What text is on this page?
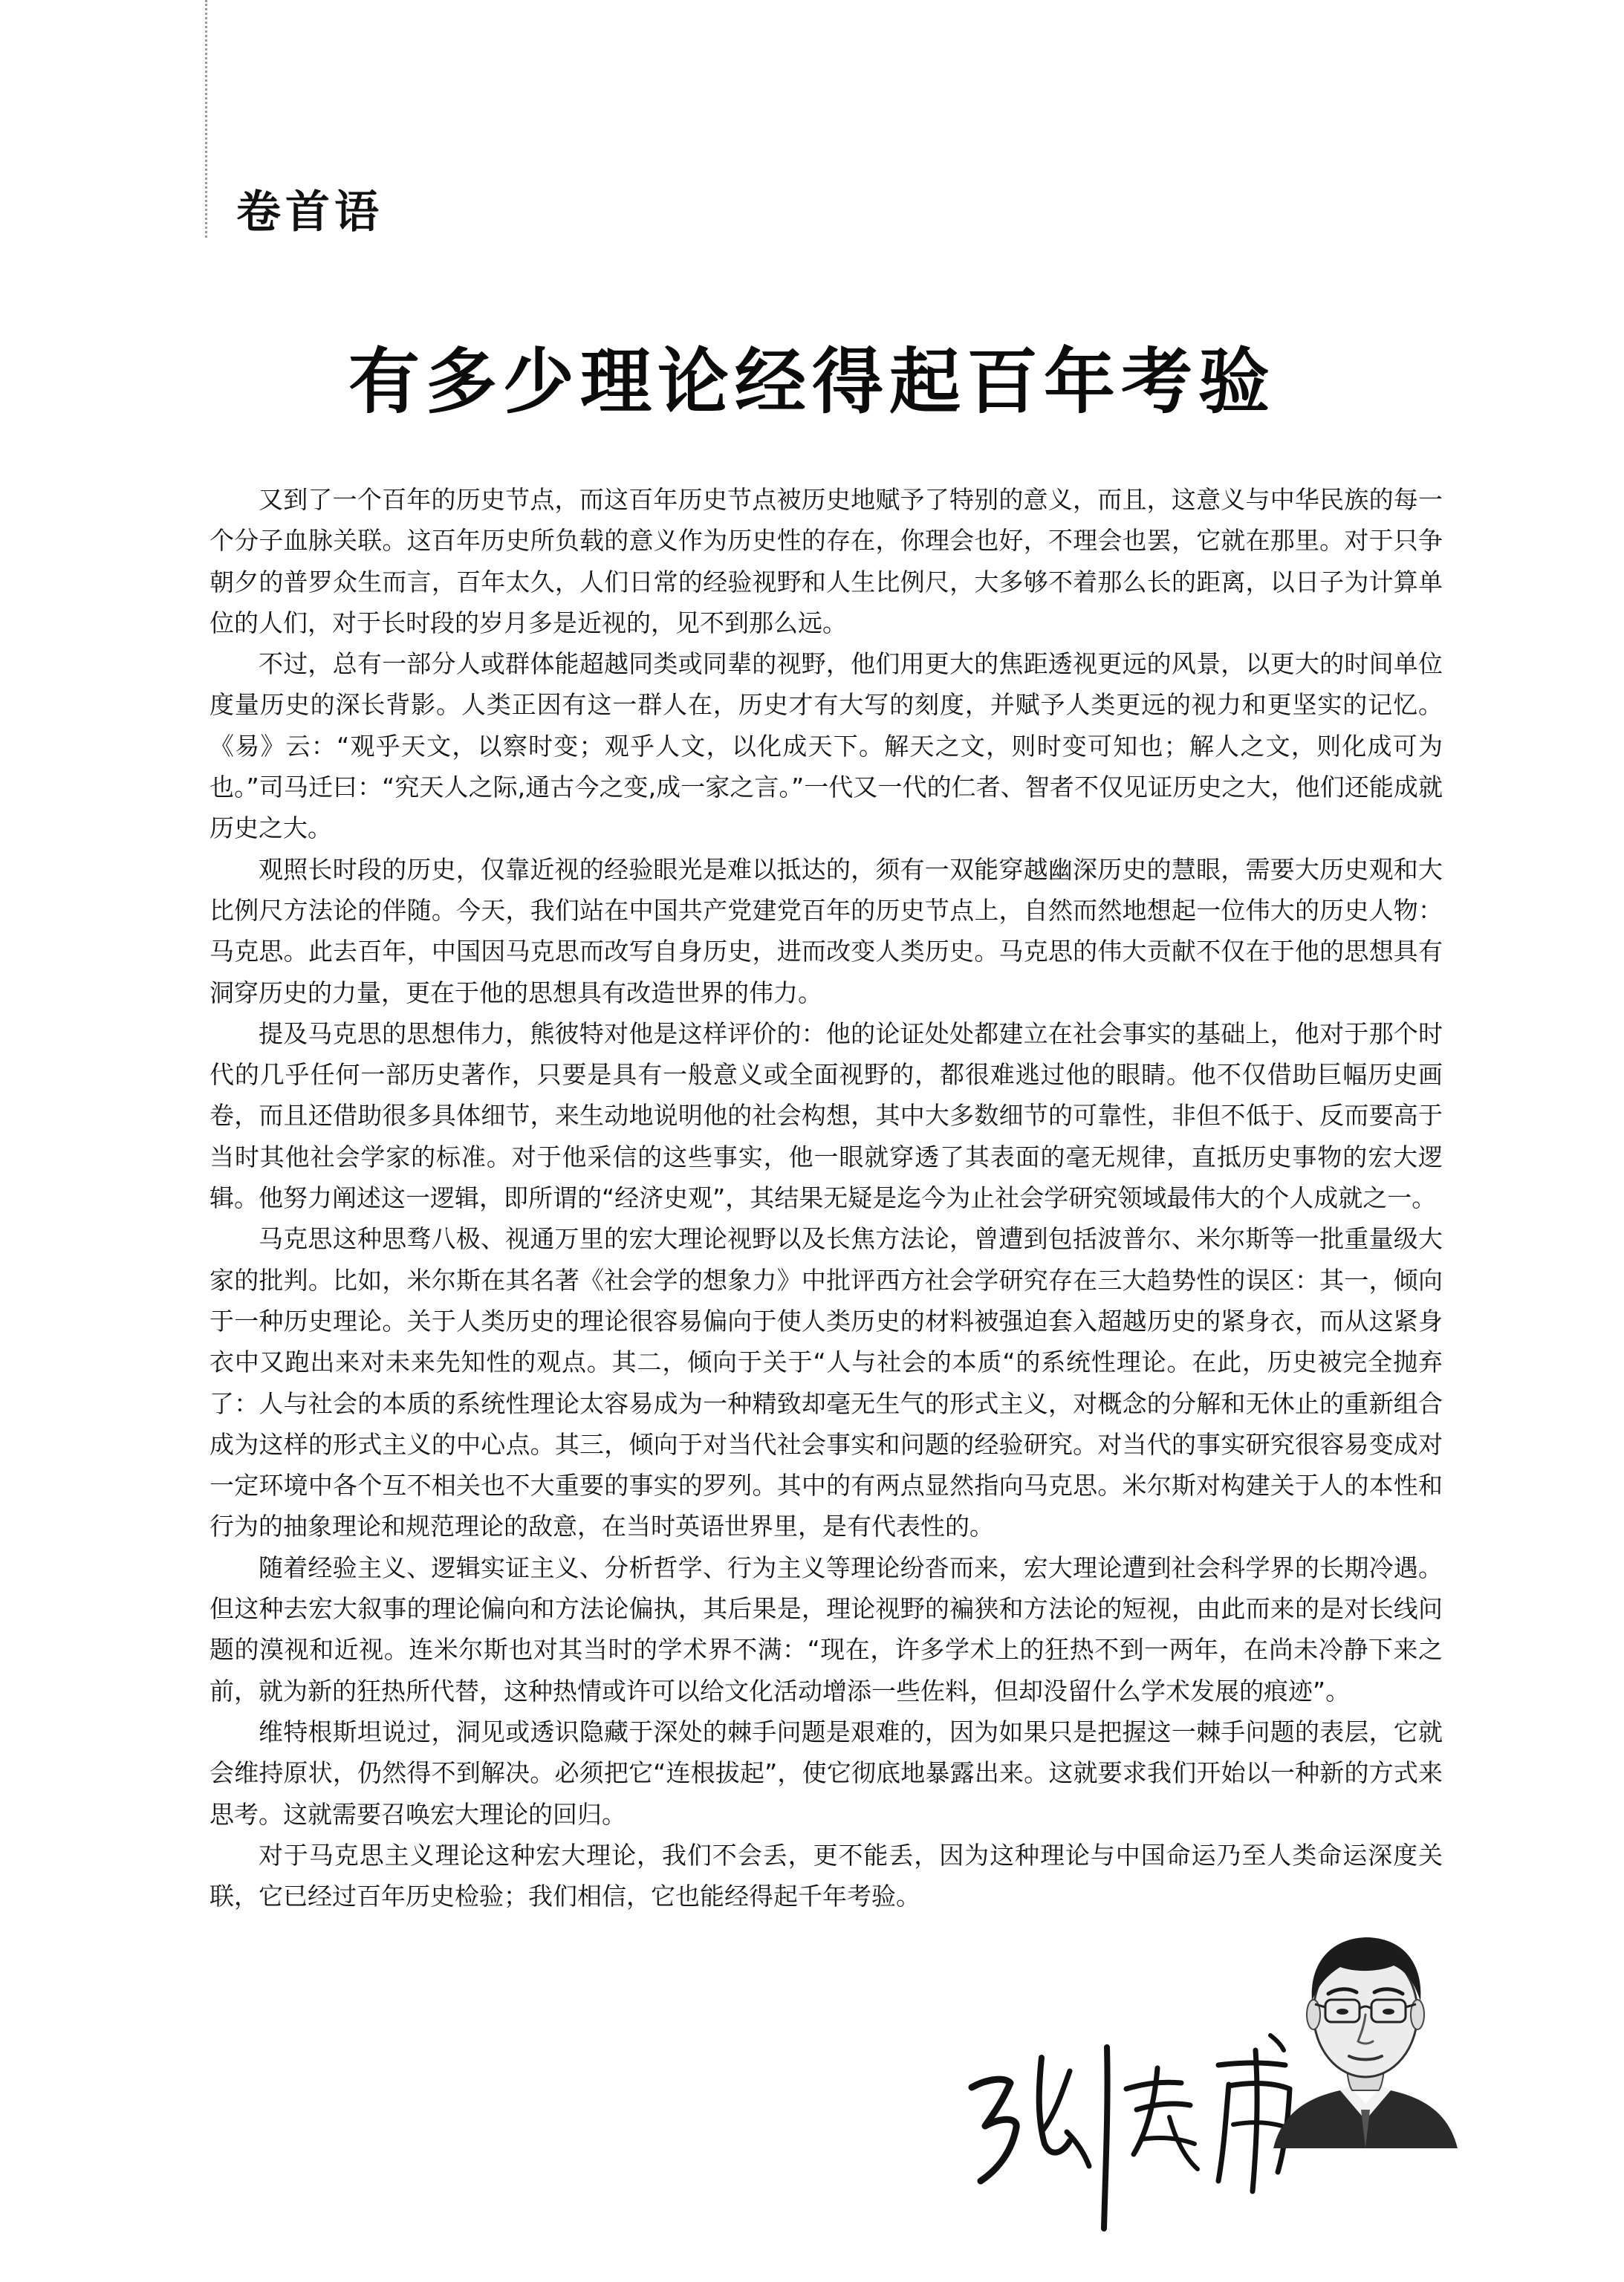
卷首语
有多少理论经得起百年考验

又到了一个百年的历史节点，而这百年历史节点被历史地赋予了特别的意义，而且，这意义与中华民族的每一个分子血脉关联。这百年历史所负载的意义作为历史性的存在，你理会也好，不理会也罢，它就在那里。对于只争朝夕的普罗众生而言，百年太久，人们日常的经验视野和人生比例尺，大多够不着那么长的距离，以日子为计算单位的人们，对于长时段的岁月多是近视的，见不到那么远。

不过，总有一部分人或群体能超越同类或同辈的视野，他们用更大的焦距透视更远的风景，以更大的时间单位度量历史的深长背影。人类正因有这一群人在，历史才有大写的刻度，并赋予人类更远的视力和更坚实的记忆。《易》云：“观乎天文，以察时变；观乎人文，以化成天下。解天之文，则时变可知也；解人之文，则化成可为也。”司马迁曰：“究天人之际,通古今之变,成一家之言。”一代又一代的仁者、智者不仅见证历史之大，他们还能成就历史之大。

观照长时段的历史，仅靠近视的经验眼光是难以抵达的，须有一双能穿越幽深历史的慧眼，需要大历史观和大比例尺方法论的伴随。今天，我们站在中国共产党建党百年的历史节点上，自然而然地想起一位伟大的历史人物：马克思。此去百年，中国因马克思而改写自身历史，进而改变人类历史。马克思的伟大贡献不仅在于他的思想具有洞穿历史的力量，更在于他的思想具有改造世界的伟力。

提及马克思的思想伟力，熊彼特对他是这样评价的：他的论证处处都建立在社会事实的基础上，他对于那个时代的几乎任何一部历史著作，只要是具有一般意义或全面视野的，都很难逃过他的眼睛。他不仅借助巨幅历史画卷，而且还借助很多具体细节，来生动地说明他的社会构想，其中大多数细节的可靠性，非但不低于、反而要高于当时其他社会学家的标准。对于他采信的这些事实，他一眼就穿透了其表面的毫无规律，直抵历史事物的宏大逻辑。他努力阐述这一逻辑，即所谓的“经济史观”，其结果无疑是迄今为止社会学研究领域最伟大的个人成就之一。

马克思这种思骛八极、视通万里的宏大理论视野以及长焦方法论，曾遭到包括波普尔、米尔斯等一批重量级大家的批判。比如，米尔斯在其名著《社会学的想象力》中批评西方社会学研究存在三大趋势性的误区：其一，倾向于一种历史理论。关于人类历史的理论很容易偏向于使人类历史的材料被强迫套入超越历史的紧身衣，而从这紧身衣中又跑出来对未来先知性的观点。其二，倾向于关于“人与社会的本质“的系统性理论。在此，历史被完全抛弃了：人与社会的本质的系统性理论太容易成为一种精致却毫无生气的形式主义，对概念的分解和无休止的重新组合成为这样的形式主义的中心点。其三，倾向于对当代社会事实和问题的经验研究。对当代的事实研究很容易变成对一定环境中各个互不相关也不大重要的事实的罗列。其中的有两点显然指向马克思。米尔斯对构建关于人的本性和行为的抽象理论和规范理论的敌意，在当时英语世界里，是有代表性的。

随着经验主义、逻辑实证主义、分析哲学、行为主义等理论纷沓而来，宏大理论遭到社会科学界的长期冷遇。但这种去宏大叙事的理论偏向和方法论偏执，其后果是，理论视野的褊狭和方法论的短视，由此而来的是对长线问题的漠视和近视。连米尔斯也对其当时的学术界不满：“现在，许多学术上的狂热不到一两年，在尚未冷静下来之前，就为新的狂热所代替，这种热情或许可以给文化活动增添一些佐料，但却没留什么学术发展的痕迹”。

维特根斯坦说过，洞见或透识隐藏于深处的棘手问题是艰难的，因为如果只是把握这一棘手问题的表层，它就会维持原状，仍然得不到解决。必须把它“连根拔起”，使它彻底地暴露出来。这就要求我们开始以一种新的方式来思考。这就需要召唤宏大理论的回归。

对于马克思主义理论这种宏大理论，我们不会丢，更不能丢，因为这种理论与中国命运乃至人类命运深度关联，它已经过百年历史检验；我们相信，它也能经得起千年考验。
